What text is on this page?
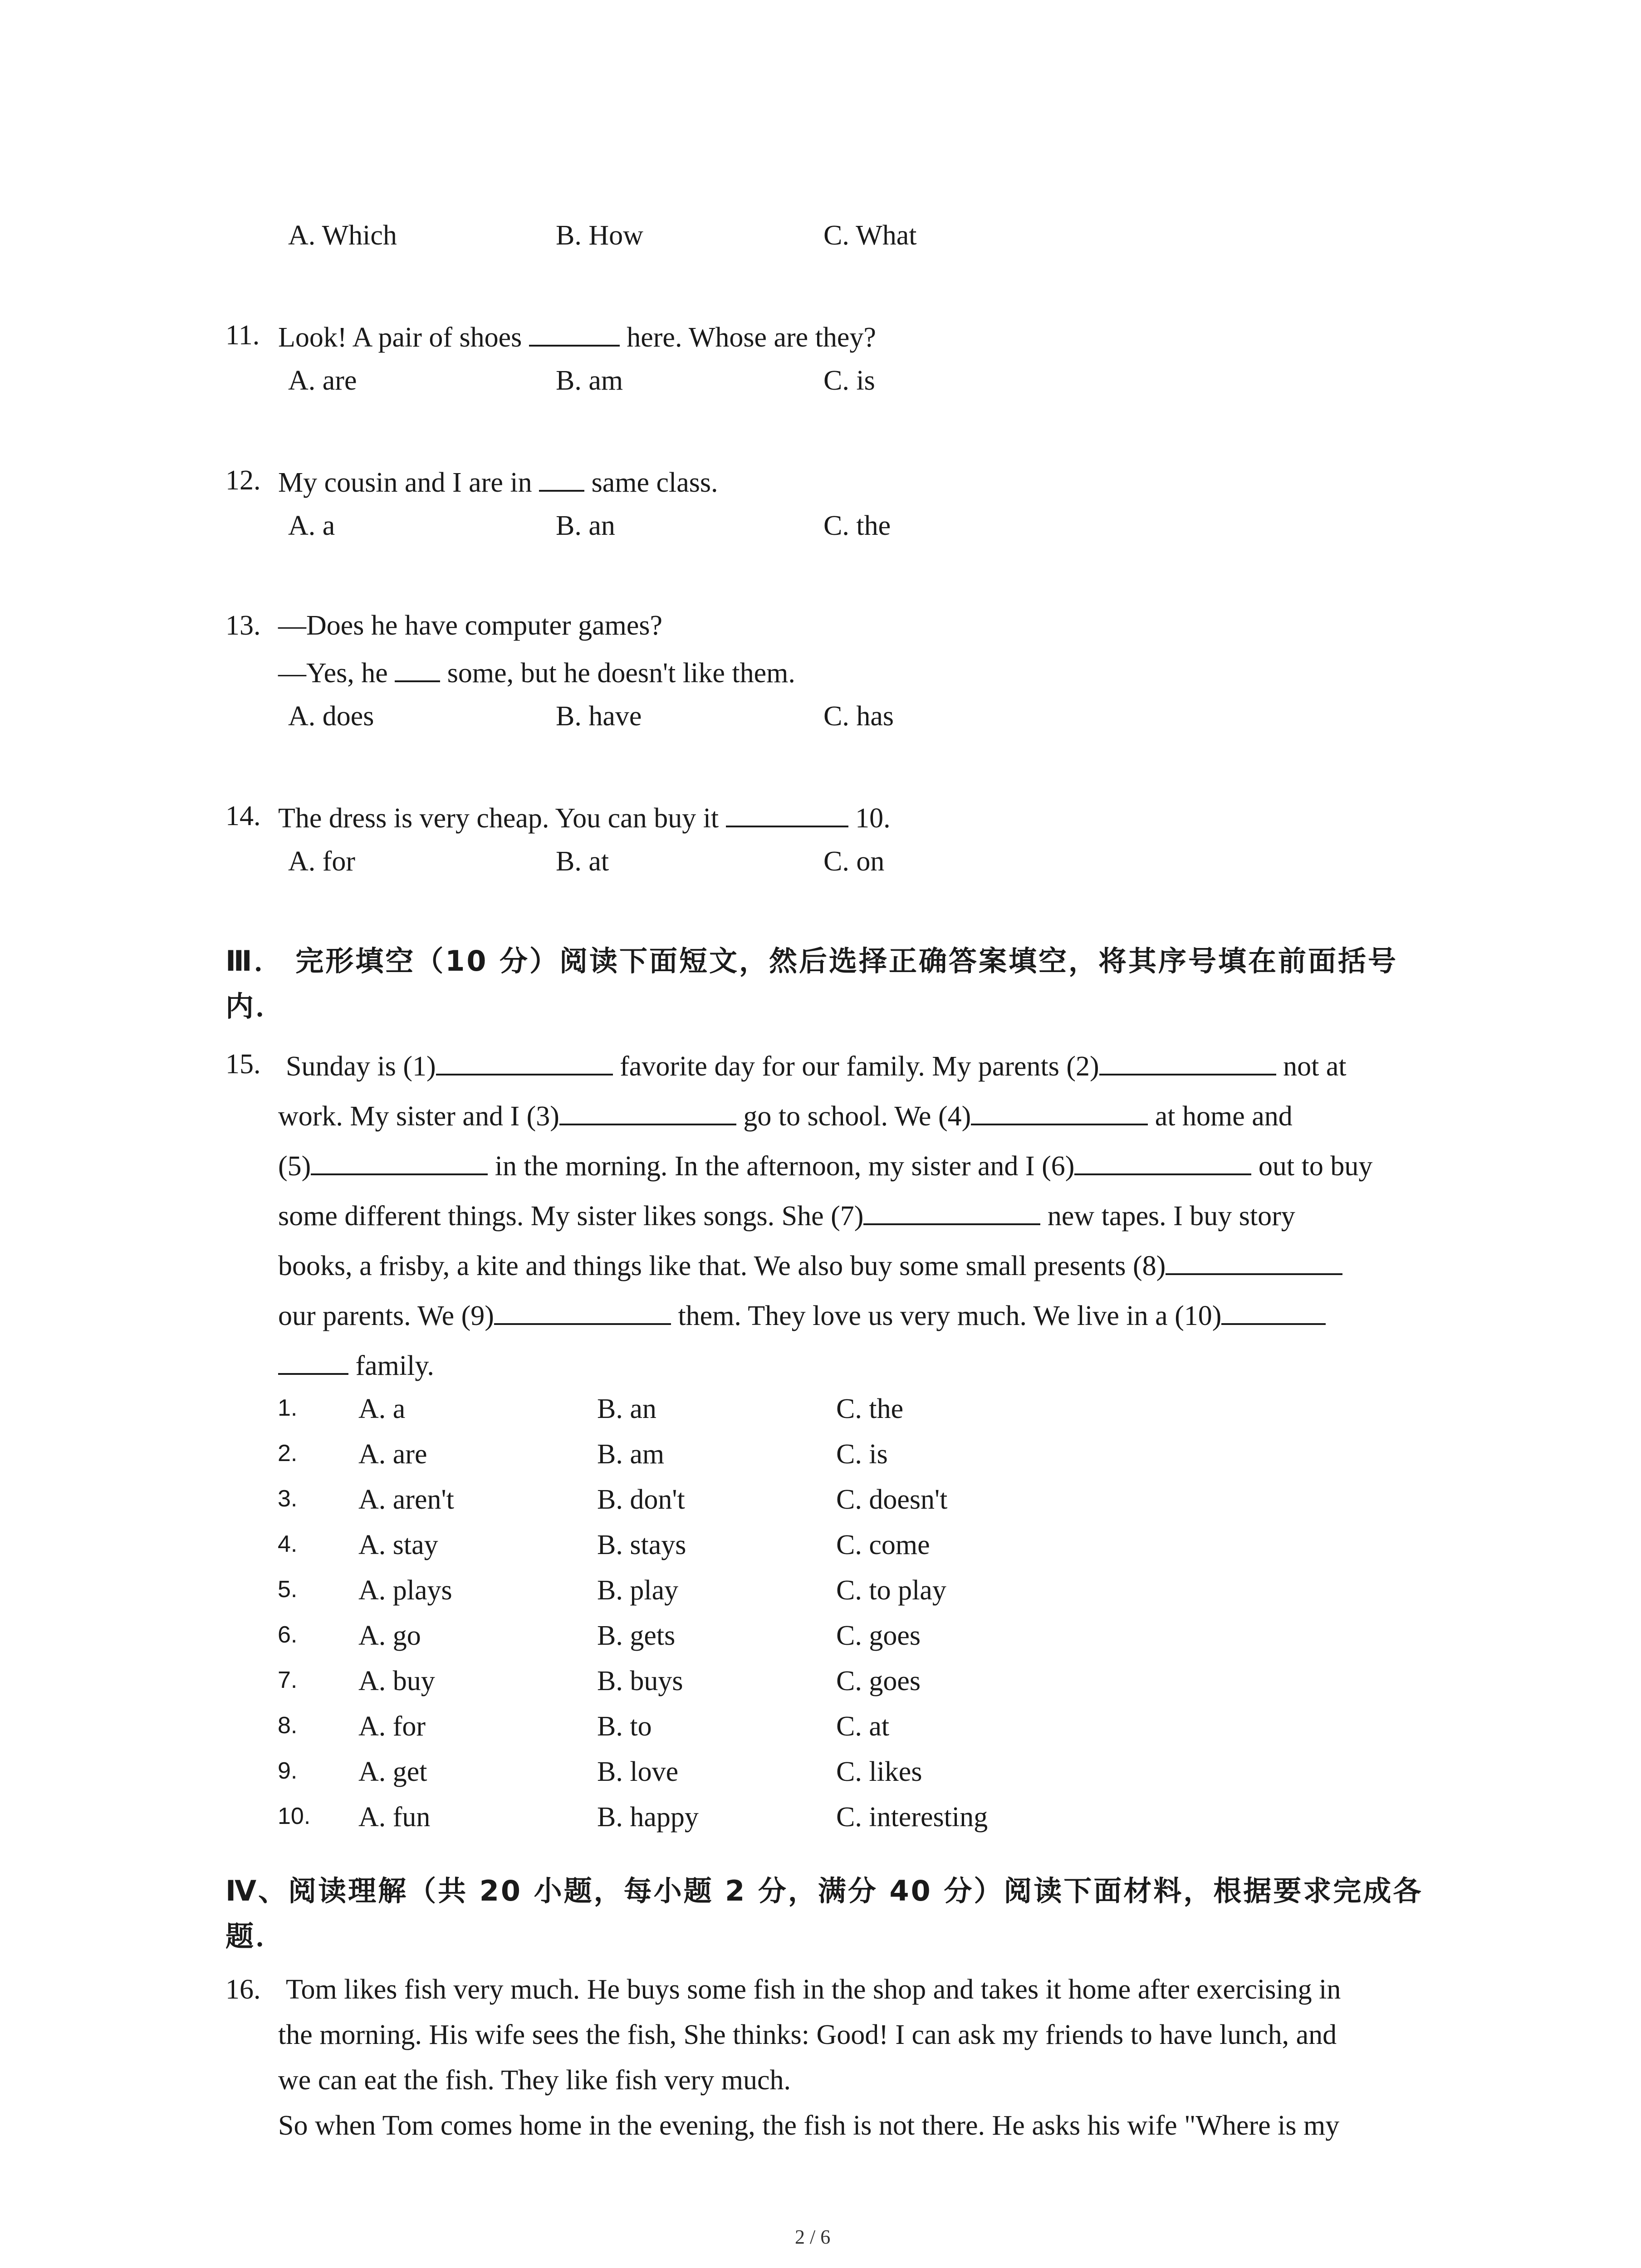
A. Which	B. How	C. What
11. Look! A pair of shoes	here. Whose are they?
A. are	B. am	C. is
12. My cousin and I are in  same class.
A. a	B. an	C. the
13. —Does he have computer games?
—Yes, he  some, but he doesn't like them.
A. does	B. have	C. has
14. The dress is very cheap. You can buy it	10.
A. for	B. at	C. on
Ⅲ． 完形填空（10 分）阅读下面短文，然后选择正确答案填空，将其序号填在前面括号
内．
15. Sunday is (1)	favorite day for our family. My parents (2)	not at
work. My sister and I (3)	go to school. We (4)	at home and
(5)	in the morning. In the afternoon, my sister and I (6)	out to buy
some different things. My sister likes songs. She (7)	new tapes. I buy story
books, a frisby, a kite and things like that. We also buy some small presents (8)
our parents. We (9)	them. They love us very much. We live in a (10)
family.
1. A. a	B. an	C. the
2. A. are	B. am	C. is
3. A. aren't	B. don't	C. doesn't
4. A. stay	B. stays	C. come
5. A. plays	B. play	C. to play
6. A. go	B. gets	C. goes
7. A. buy	B. buys	C. goes
8. A. for	B. to	C. at
9. A. get	B. love	C. likes
10. A. fun	B. happy	C. interesting
Ⅳ、阅读理解（共 20 小题，每小题 2 分，满分 40 分）阅读下面材料，根据要求完成各
题．
16. Tom likes fish very much. He buys some fish in the shop and takes it home after exercising in
the morning. His wife sees the fish, She thinks: Good! I can ask my friends to have lunch, and
we can eat the fish. They like fish very much.
So when Tom comes home in the evening, the fish is not there. He asks his wife "Where is my
2 / 6
